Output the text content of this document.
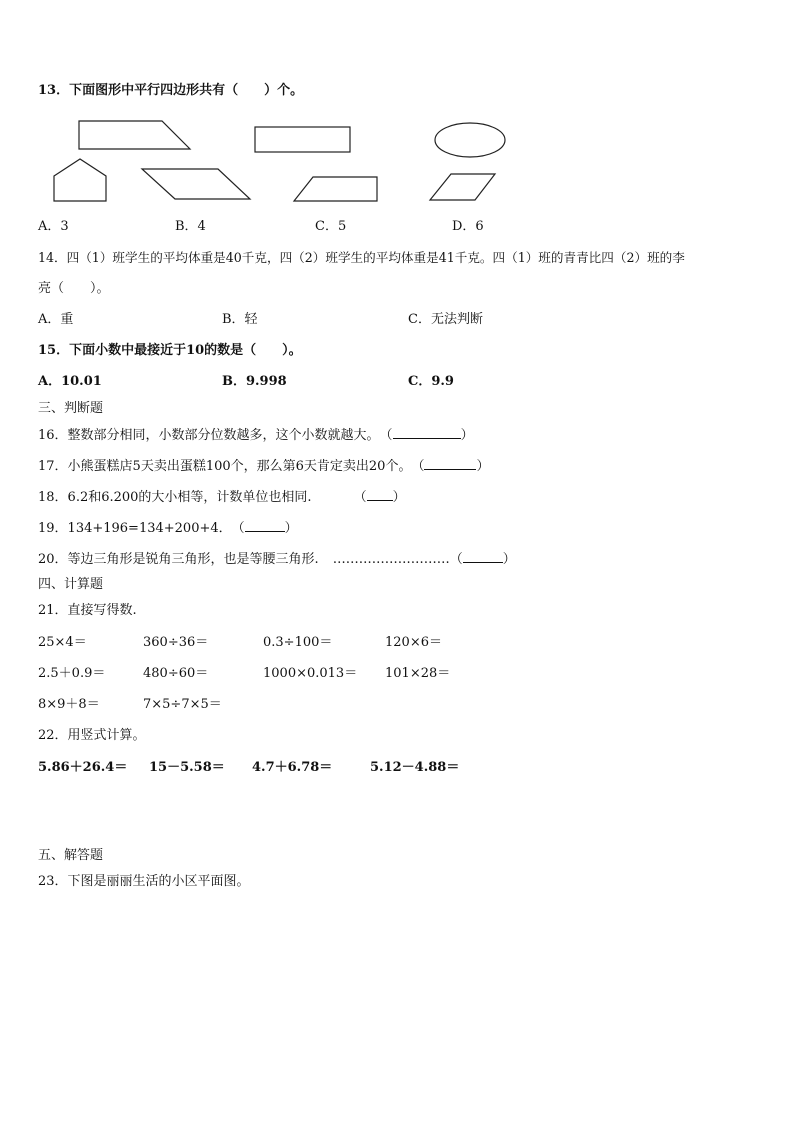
13．下面图形中平行四边形共有（　　）个。
A．3	B．4	C．5	D．6
14．四（1）班学生的平均体重是40千克，四（2）班学生的平均体重是41千克。四（1）班的青青比四（2）班的李
亮（　　）。
A．重	B．轻	C．无法判断
15．下面小数中最接近于10的数是（　　）。
A．10.01	B．9.998	C．9.9
三、判断题
16．整数部分相同，小数部分位数越多，这个小数就越大。（	）
17．小熊蛋糕店5天卖出蛋糕100个，那么第6天肯定卖出20个。（	）
18．6.2和6.200的大小相等，计数单位也相同.	（ ）
19．134+196=134+200+4．（	）
20．等边三角形是锐角三角形，也是等腰三角形. ………………………（	）
四、计算题
21．直接写得数.
25×4＝	360÷36＝	0.3÷100＝	120×6＝
2.5＋0.9＝	480÷60＝	1000×0.013＝ 101×28＝
8×9＋8＝	7×5÷7×5＝
22．用竖式计算。
5.86＋26.4＝ 15－5.58＝ 4.7＋6.78＝	5.12－4.88＝
五、解答题
23．下图是丽丽生活的小区平面图。
